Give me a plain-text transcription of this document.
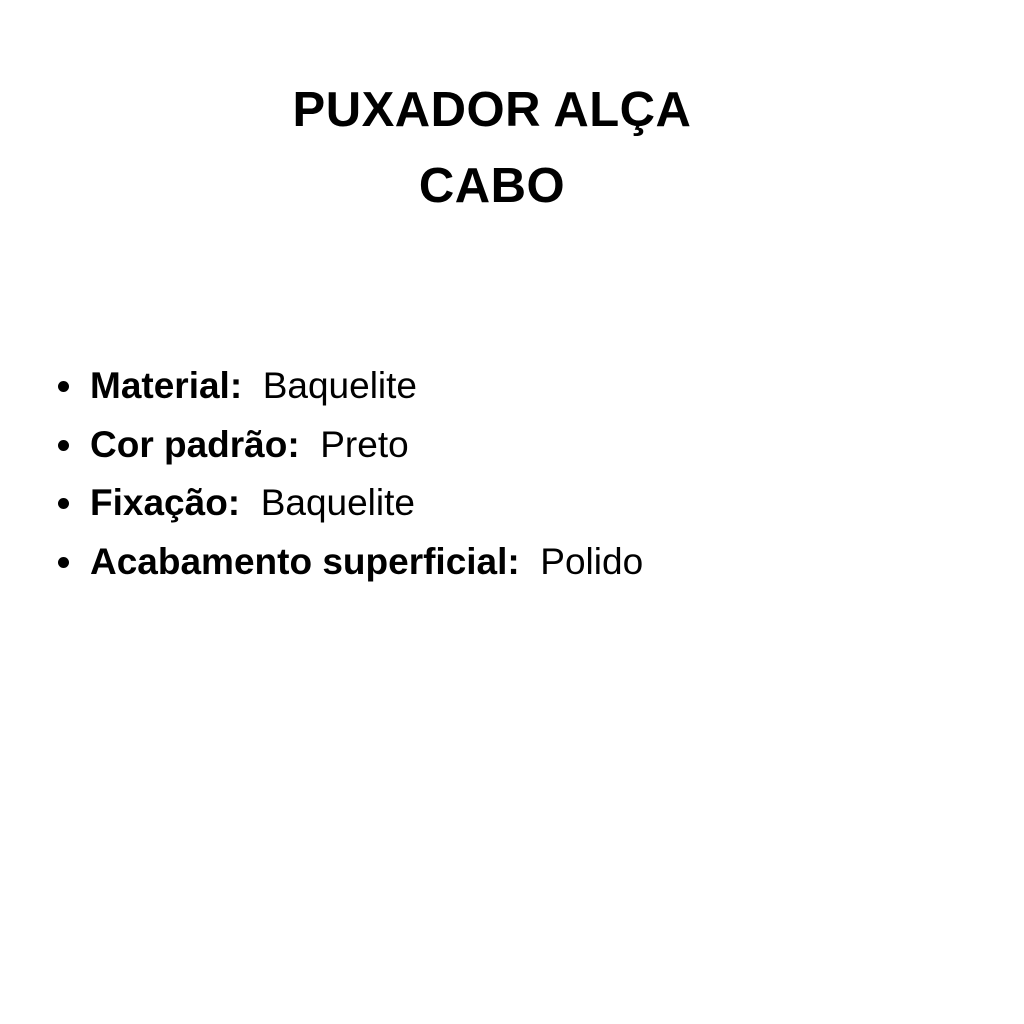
PUXADOR ALÇA
CABO
Material:  Baquelite
Cor padrão:  Preto
Fixação:  Baquelite
Acabamento superficial:  Polido
